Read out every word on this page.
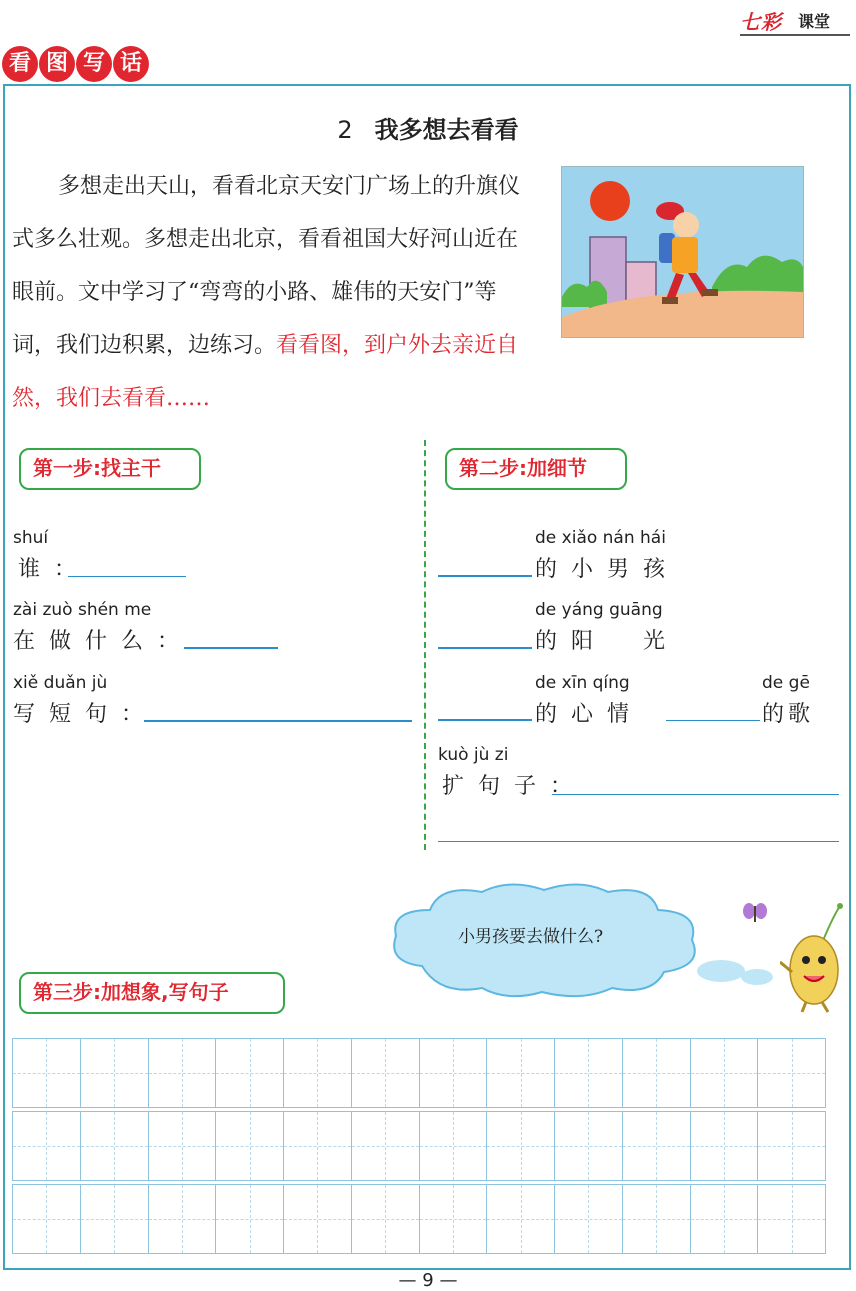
七彩 课堂
看 图 写 话
2 我多想去看看
多想走出天山，看看北京天安门广场上的升旗仪式多么壮观。多想走出北京，看看祖国大好河山近在眼前。文中学习了“弯弯的小路、雄伟的天安门”等词，我们边积累，边练习。看看图，到户外去亲近自然，我们去看看……
第一步:找主干
shuí
谁：
zài zuò shén me
在做什么：
xiě duǎn jù
写短句：
第二步:加细节
de xiǎo nán hái
的小男孩
de yáng guāng
的阳　光
de xīn qíng
的心情
de gē
的歌
kuò jù zi
扩句子：
小男孩要去做什么?
第三步:加想象,写句子
— 9 —
